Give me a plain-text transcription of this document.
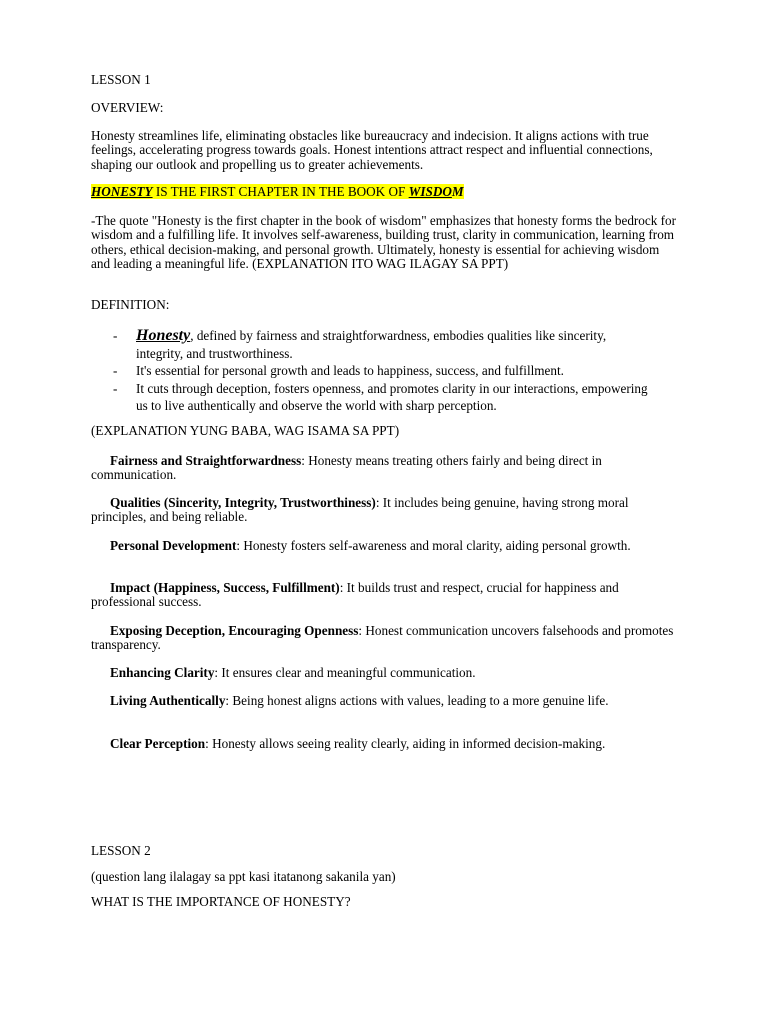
LESSON 1

OVERVIEW:

Honesty streamlines life, eliminating obstacles like bureaucracy and indecision. It aligns actions with true feelings, accelerating progress towards goals. Honest intentions attract respect and influential connections, shaping our outlook and propelling us to greater achievements.

HONESTY IS THE FIRST CHAPTER IN THE BOOK OF WISDOM

-The quote "Honesty is the first chapter in the book of wisdom" emphasizes that honesty forms the bedrock for wisdom and a fulfilling life. It involves self-awareness, building trust, clarity in communication, learning from others, ethical decision-making, and personal growth. Ultimately, honesty is essential for achieving wisdom and leading a meaningful life. (EXPLANATION ITO WAG ILAGAY SA PPT)

DEFINITION:

- Honesty, defined by fairness and straightforwardness, embodies qualities like sincerity, integrity, and trustworthiness.
- It's essential for personal growth and leads to happiness, success, and fulfillment.
- It cuts through deception, fosters openness, and promotes clarity in our interactions, empowering us to live authentically and observe the world with sharp perception.

(EXPLANATION YUNG BABA, WAG ISAMA SA PPT)

Fairness and Straightforwardness: Honesty means treating others fairly and being direct in communication.

Qualities (Sincerity, Integrity, Trustworthiness): It includes being genuine, having strong moral principles, and being reliable.

Personal Development: Honesty fosters self-awareness and moral clarity, aiding personal growth.

Impact (Happiness, Success, Fulfillment): It builds trust and respect, crucial for happiness and professional success.

Exposing Deception, Encouraging Openness: Honest communication uncovers falsehoods and promotes transparency.

Enhancing Clarity: It ensures clear and meaningful communication.

Living Authentically: Being honest aligns actions with values, leading to a more genuine life.

Clear Perception: Honesty allows seeing reality clearly, aiding in informed decision-making.

LESSON 2

(question lang ilalagay sa ppt kasi itatanong sakanila yan)

WHAT IS THE IMPORTANCE OF HONESTY?
